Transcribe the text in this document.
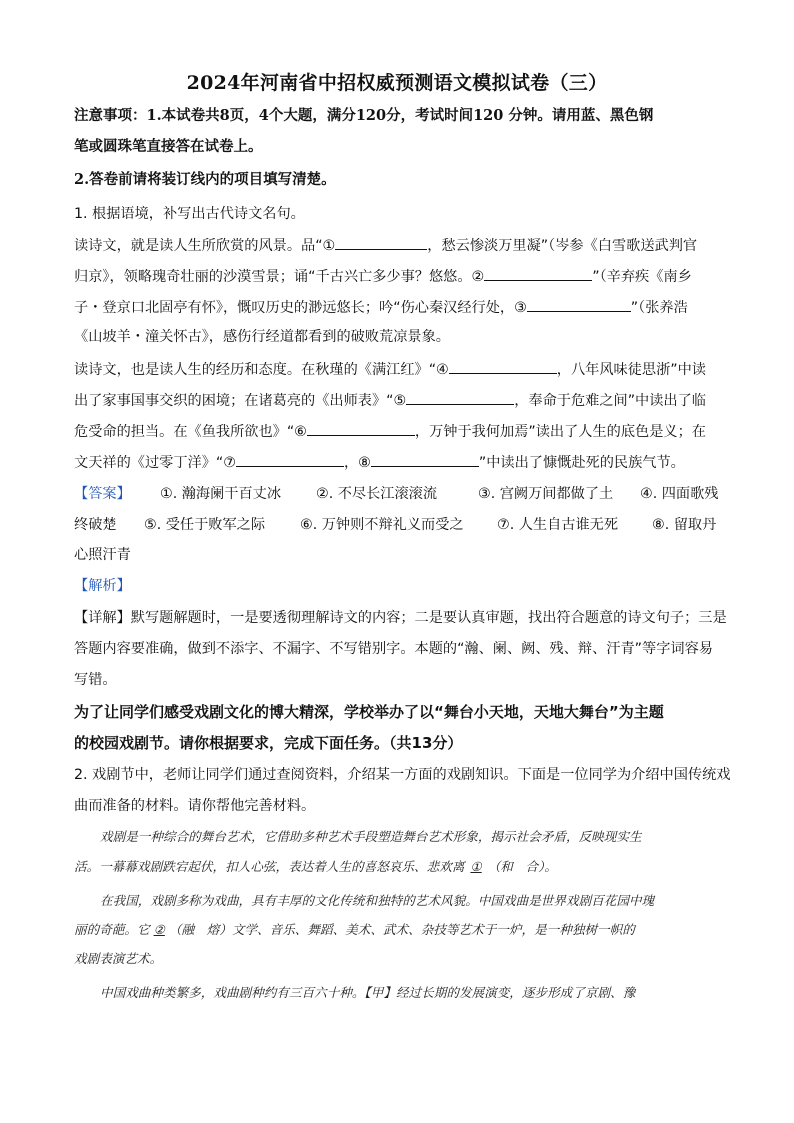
2024年河南省中招权威预测语文模拟试卷（三）
注意事项：1.本试卷共8页，4个大题，满分120分，考试时间120 分钟。请用蓝、黑色钢
笔或圆珠笔直接答在试卷上。
2.答卷前请将装订线内的项目填写清楚。
1. 根据语境，补写出古代诗文名句。
读诗文，就是读人生所欣赏的风景。品“①	，愁云惨淡万里凝”（岑参《白雪歌送武判官
归京》，领略瑰奇壮丽的沙漠雪景；诵“千古兴亡多少事？悠悠。②	”（辛弃疾《南乡
子・登京口北固亭有怀》，慨叹历史的渺远悠长；吟“伤心秦汉经行处，③	”（张养浩
《山坡羊・潼关怀古》，感伤行经道都看到的破败荒凉景象。
读诗文，也是读人生的经历和态度。在秋瑾的《满江红》“④	，八年风味徒思浙”中读
出了家事国事交织的困境；在诸葛亮的《出师表》“⑤	，奉命于危难之间”中读出了临
危受命的担当。在《鱼我所欲也》“⑥	，万钟于我何加焉”读出了人生的底色是义；在
文天祥的《过零丁洋》“⑦	，⑧	”中读出了慷慨赴死的民族气节。
【答案】 ①. 瀚海阑干百丈冰 ②. 不尽长江滚滚流	③. 宫阙万间都做了土 ④. 四面歌残
终破楚 ⑤. 受任于败军之际 ⑥. 万钟则不辩礼义而受之 ⑦. 人生自古谁无死 ⑧. 留取丹
心照汗青
【解析】
【详解】默写题解题时，一是要透彻理解诗文的内容；二是要认真审题，找出符合题意的诗文句子；三是
答题内容要准确，做到不添字、不漏字、不写错别字。本题的“瀚、阑、阙、残、辩、汗青”等字词容易
写错。
为了让同学们感受戏剧文化的博大精深，学校举办了以“舞台小天地，天地大舞台”为主题
的校园戏剧节。请你根据要求，完成下面任务。（共13分）
2. 戏剧节中，老师让同学们通过查阅资料，介绍某一方面的戏剧知识。下面是一位同学为介绍中国传统戏
曲而准备的材料。请你帮他完善材料。
戏剧是一种综合的舞台艺术，它借助多种艺术手段塑造舞台艺术形象，揭示社会矛盾，反映现实生
活。一幕幕戏剧跌宕起伏，扣人心弦，表达着人生的喜怒哀乐、悲欢离 ① （和　合）。
在我国，戏剧多称为戏曲，具有丰厚的文化传统和独特的艺术风貌。中国戏曲是世界戏剧百花园中瑰
丽的奇葩。它 ② （融　熔）文学、音乐、舞蹈、美术、武术、杂技等艺术于一炉，是一种独树一帜的
戏剧表演艺术。
中国戏曲种类繁多，戏曲剧种约有三百六十种。【甲】经过长期的发展演变，逐步形成了京剧、豫
